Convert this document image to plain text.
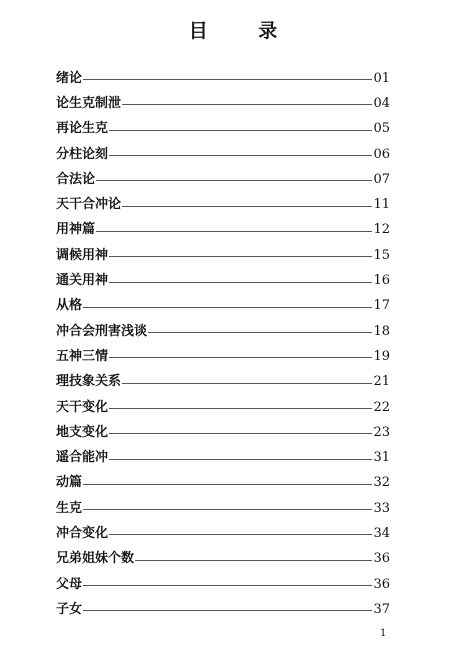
目 录
绪论	01
论生克制泄	04
再论生克	05
分柱论刻	06
合法论	07
天干合冲论	11
用神篇	12
调候用神	15
通关用神	16
从格	17
冲合会刑害浅谈	18
五神三情	19
理技象关系	21
天干变化	22
地支变化	23
遥合能冲	31
动篇	32
生克	33
冲合变化	34
兄弟姐妹个数	36
父母	36
子女	37
1
